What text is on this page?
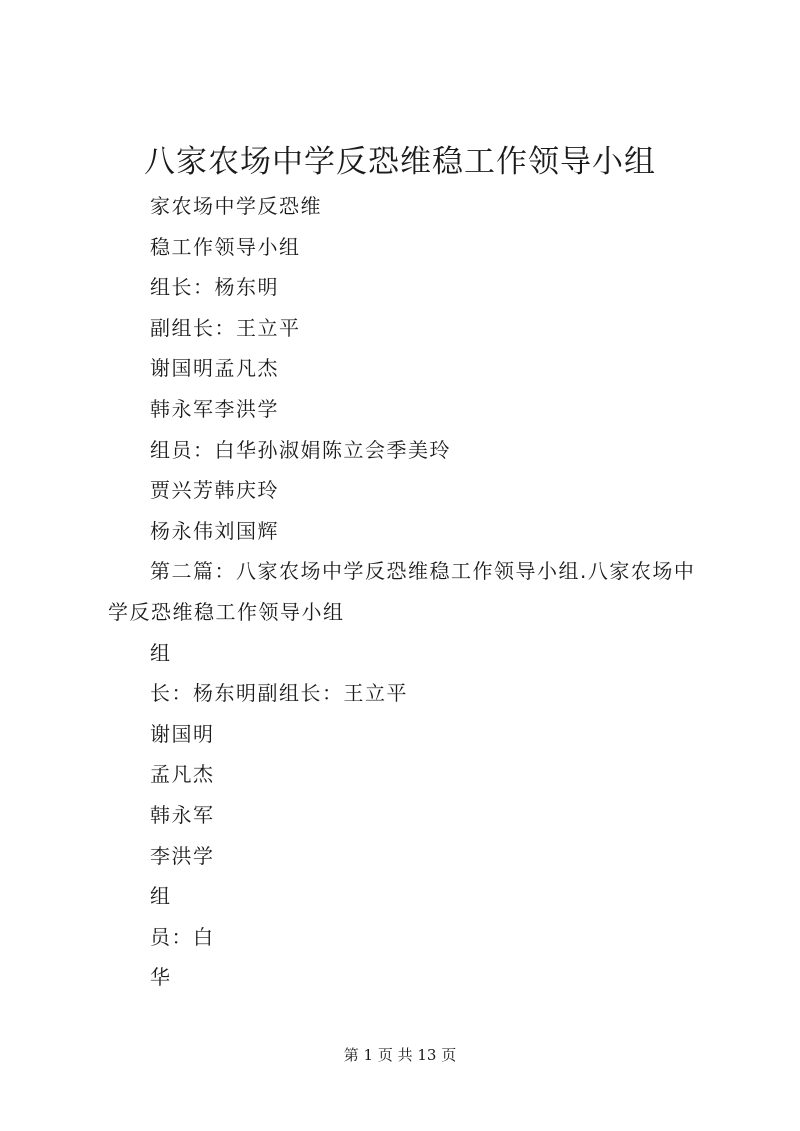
八家农场中学反恐维稳工作领导小组

家农场中学反恐维

稳工作领导小组

组长：杨东明

副组长：王立平

谢国明孟凡杰

韩永军李洪学

组员：白华孙淑娟陈立会季美玲

贾兴芳韩庆玲

杨永伟刘国辉

第二篇：八家农场中学反恐维稳工作领导小组.八家农场中学反恐维稳工作领导小组

组

长：杨东明副组长：王立平

谢国明

孟凡杰

韩永军

李洪学

组

员：白

华

第 1 页 共 13 页
